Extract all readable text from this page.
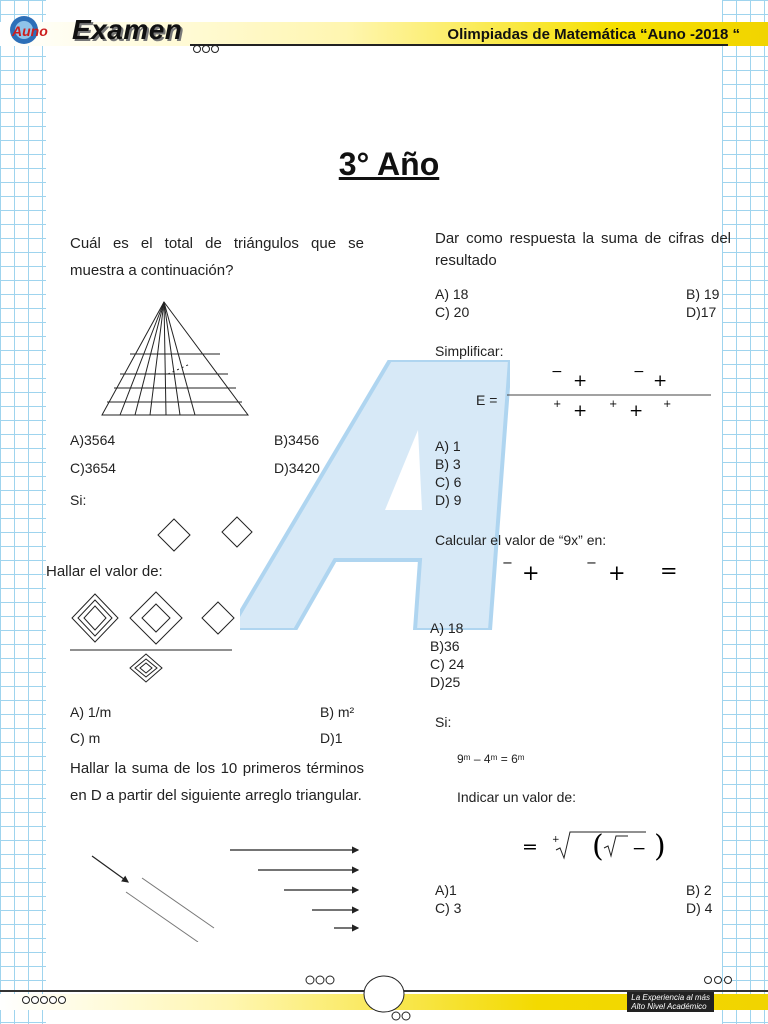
Auno Examen	Olimpiadas de Matemática “Auno -2018 “
3° Año
Cuál es el total de triángulos que se muestra a continuación?
A)3564	B)3456
C)3654	D)3420
Si:
Hallar el valor de:
A) 1/m	B) m²
C) m	D)1
Hallar la suma de los 10 primeros términos en D a partir del siguiente arreglo triangular.
Dar como respuesta la suma de cifras del resultado
A) 18	B) 19
C) 20	D)17
Simplificar:
E =
− +	− +
+ + + + +
A) 1
B) 3
C) 6
D) 9
Calcular el valor de “9x” en:
− +	− + =
A) 18
B)36
C) 24
D)25
Si:
9ᵐ – 4ᵐ = 6ᵐ
Indicar un valor de:
= + ( − )
A)1	B) 2
C) 3	D) 4
La Experiencia al más
Alto Nivel Académico
